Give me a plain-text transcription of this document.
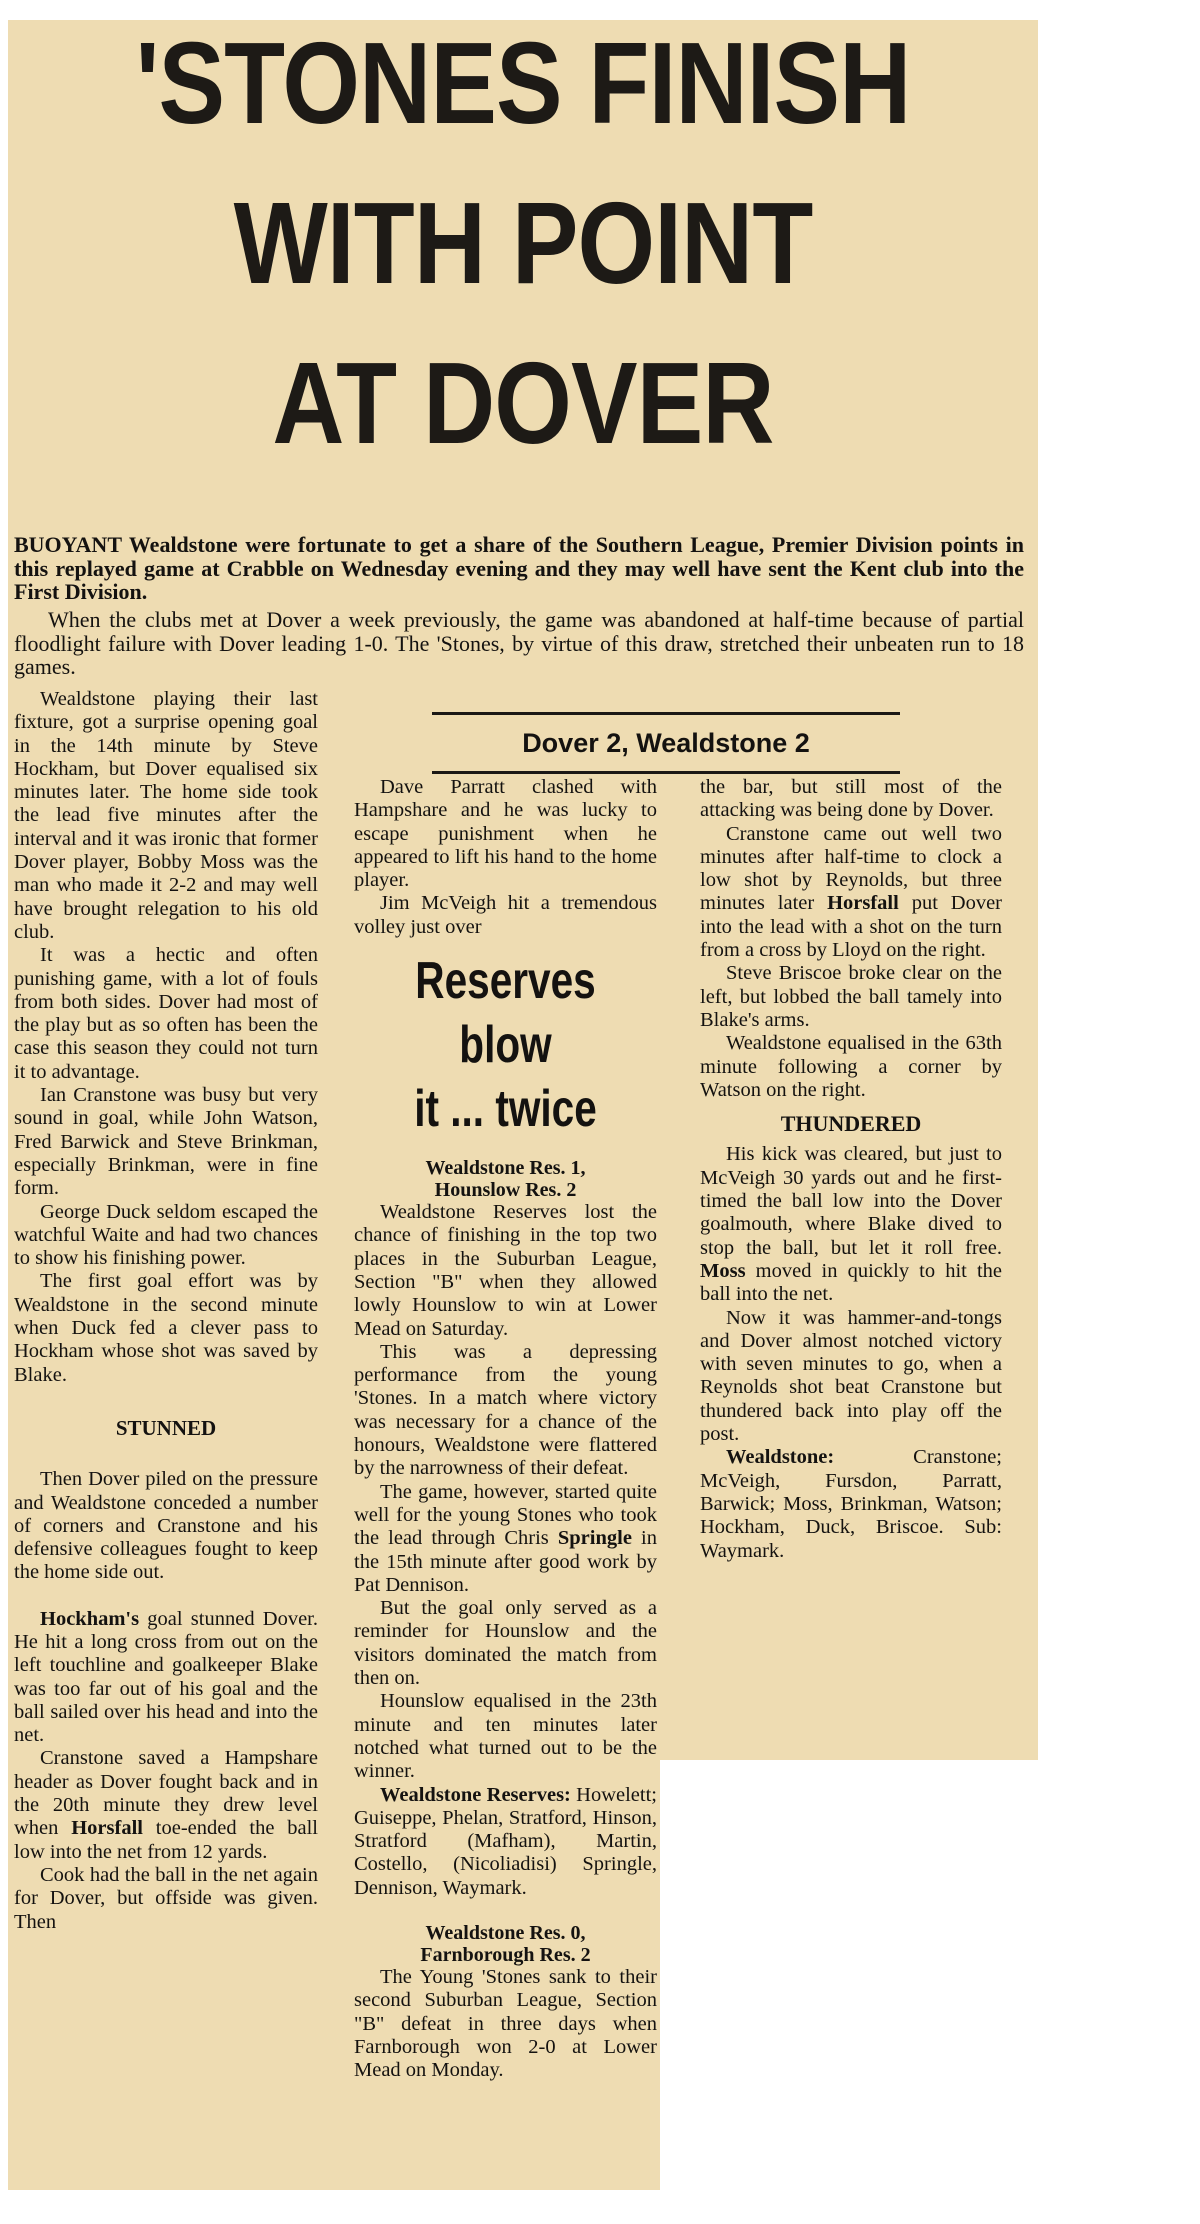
'STONES FINISH
WITH POINT
AT DOVER
BUOYANT Wealdstone were fortunate to get a share of the Southern League, Premier Division points in this replayed game at Crabble on Wednesday evening and they may well have sent the Kent club into the First Division.

When the clubs met at Dover a week previously, the game was abandoned at half-time because of partial floodlight failure with Dover leading 1-0. The 'Stones, by virtue of this draw, stretched their unbeaten run to 18 games.

Dover 2, Wealdstone 2

Wealdstone playing their last fixture, got a surprise opening goal in the 14th minute by Steve Hockham, but Dover equalised six minutes later. The home side took the lead five minutes after the interval and it was ironic that former Dover player, Bobby Moss was the man who made it 2-2 and may well have brought relegation to his old club.

It was a hectic and often punishing game, with a lot of fouls from both sides. Dover had most of the play but as so often has been the case this season they could not turn it to advantage.

Ian Cranstone was busy but very sound in goal, while John Watson, Fred Barwick and Steve Brinkman, especially Brinkman, were in fine form.

George Duck seldom escaped the watchful Waite and had two chances to show his finishing power.

The first goal effort was by Wealdstone in the second minute when Duck fed a clever pass to Hockham whose shot was saved by Blake.

STUNNED

Then Dover piled on the pressure and Wealdstone conceded a number of corners and Cranstone and his defensive colleagues fought to keep the home side out.

Hockham's goal stunned Dover. He hit a long cross from out on the left touchline and goalkeeper Blake was too far out of his goal and the ball sailed over his head and into the net.

Cranstone saved a Hampshare header as Dover fought back and in the 20th minute they drew level when Horsfall toe-ended the ball low into the net from 12 yards.

Cook had the ball in the net again for Dover, but offside was given. Then

Dave Parratt clashed with Hampshare and he was lucky to escape punishment when he appeared to lift his hand to the home player.

Jim McVeigh hit a tremendous volley just over

Reserves blow
it ... twice

Wealdstone Res. 1,

Hounslow Res. 2

Wealdstone Reserves lost the chance of finishing in the top two places in the Suburban League, Section "B" when they allowed lowly Hounslow to win at Lower Mead on Saturday.

This was a depressing performance from the young 'Stones. In a match where victory was necessary for a chance of the honours, Wealdstone were flattered by the narrowness of their defeat.

The game, however, started quite well for the young Stones who took the lead through Chris Springle in the 15th minute after good work by Pat Dennison.

But the goal only served as a reminder for Hounslow and the visitors dominated the match from then on.

Hounslow equalised in the 23th minute and ten minutes later notched what turned out to be the winner.

Wealdstone Reserves: Howelett; Guiseppe, Phelan, Stratford, Hinson, Stratford (Mafham), Martin, Costello, (Nicoliadisi) Springle, Dennison, Waymark.

Wealdstone Res. 0,

Farnborough Res. 2

The Young 'Stones sank to their second Suburban League, Section "B" defeat in three days when Farnborough won 2-0 at Lower Mead on Monday.

the bar, but still most of the attacking was being done by Dover.

Cranstone came out well two minutes after half-time to clock a low shot by Reynolds, but three minutes later Horsfall put Dover into the lead with a shot on the turn from a cross by Lloyd on the right.

Steve Briscoe broke clear on the left, but lobbed the ball tamely into Blake's arms.

Wealdstone equalised in the 63th minute following a corner by Watson on the right.

THUNDERED

His kick was cleared, but just to McVeigh 30 yards out and he first-timed the ball low into the Dover goalmouth, where Blake dived to stop the ball, but let it roll free. Moss moved in quickly to hit the ball into the net.

Now it was hammer-and-tongs and Dover almost notched victory with seven minutes to go, when a Reynolds shot beat Cranstone but thundered back into play off the post.

Wealdstone: Cranstone; McVeigh, Fursdon, Parratt, Barwick; Moss, Brinkman, Watson; Hockham, Duck, Briscoe. Sub: Waymark.
